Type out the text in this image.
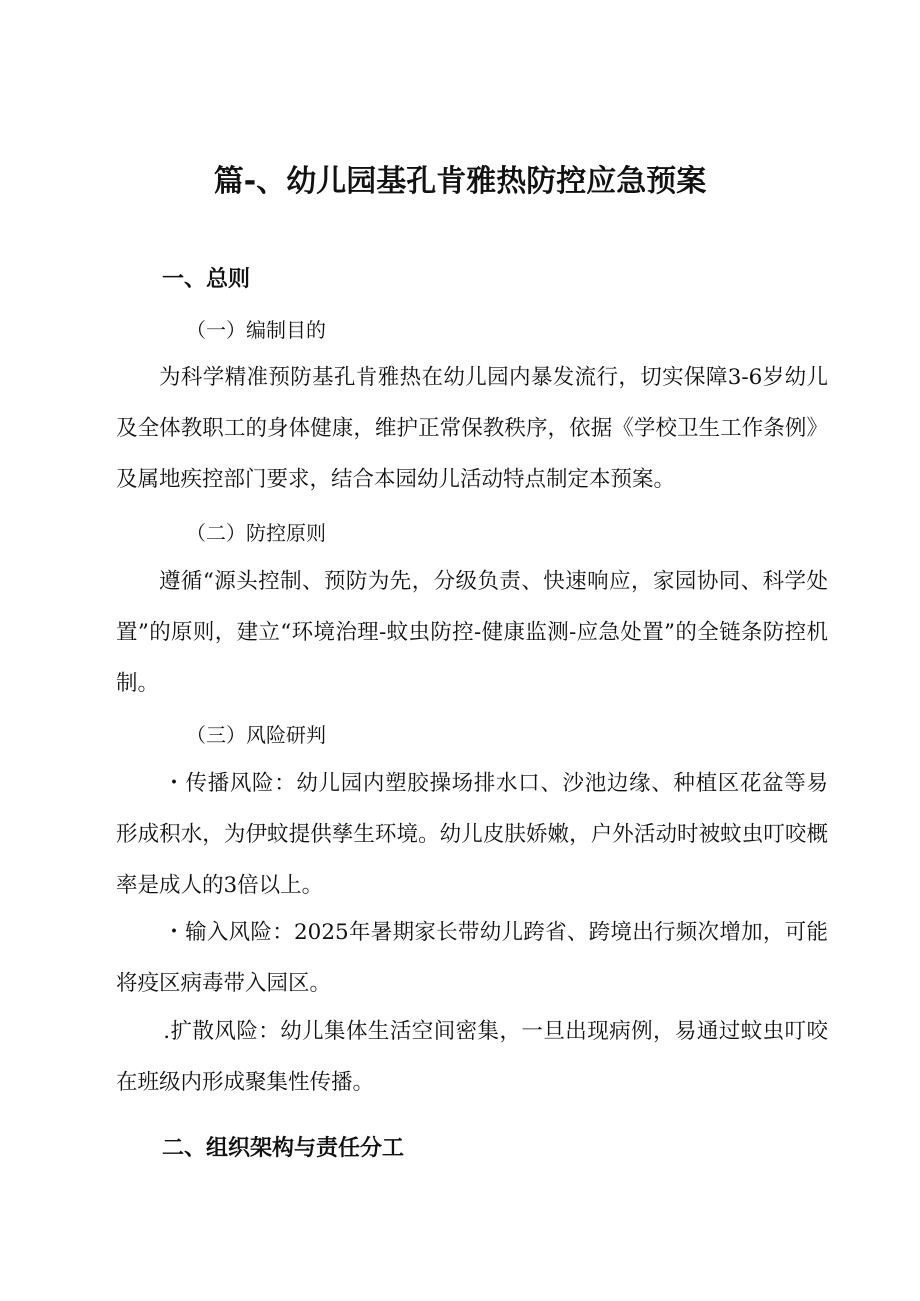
篇-、幼儿园基孔肯雅热防控应急预案
一、总则
（一）编制目的
为科学精准预防基孔肯雅热在幼儿园内暴发流行，切实保障3-6岁幼儿及全体教职工的身体健康，维护正常保教秩序，依据《学校卫生工作条例》及属地疾控部门要求，结合本园幼儿活动特点制定本预案。
（二）防控原则
遵循“源头控制、预防为先，分级负责、快速响应，家园协同、科学处置”的原则，建立“环境治理-蚊虫防控-健康监测-应急处置”的全链条防控机制。
（三）风险研判
・传播风险：幼儿园内塑胶操场排水口、沙池边缘、种植区花盆等易形成积水，为伊蚊提供孳生环境。幼儿皮肤娇嫩，户外活动时被蚊虫叮咬概率是成人的3倍以上。
・输入风险：2025年暑期家长带幼儿跨省、跨境出行频次增加，可能将疫区病毒带入园区。
.扩散风险：幼儿集体生活空间密集，一旦出现病例，易通过蚊虫叮咬在班级内形成聚集性传播。
二、组织架构与责任分工
